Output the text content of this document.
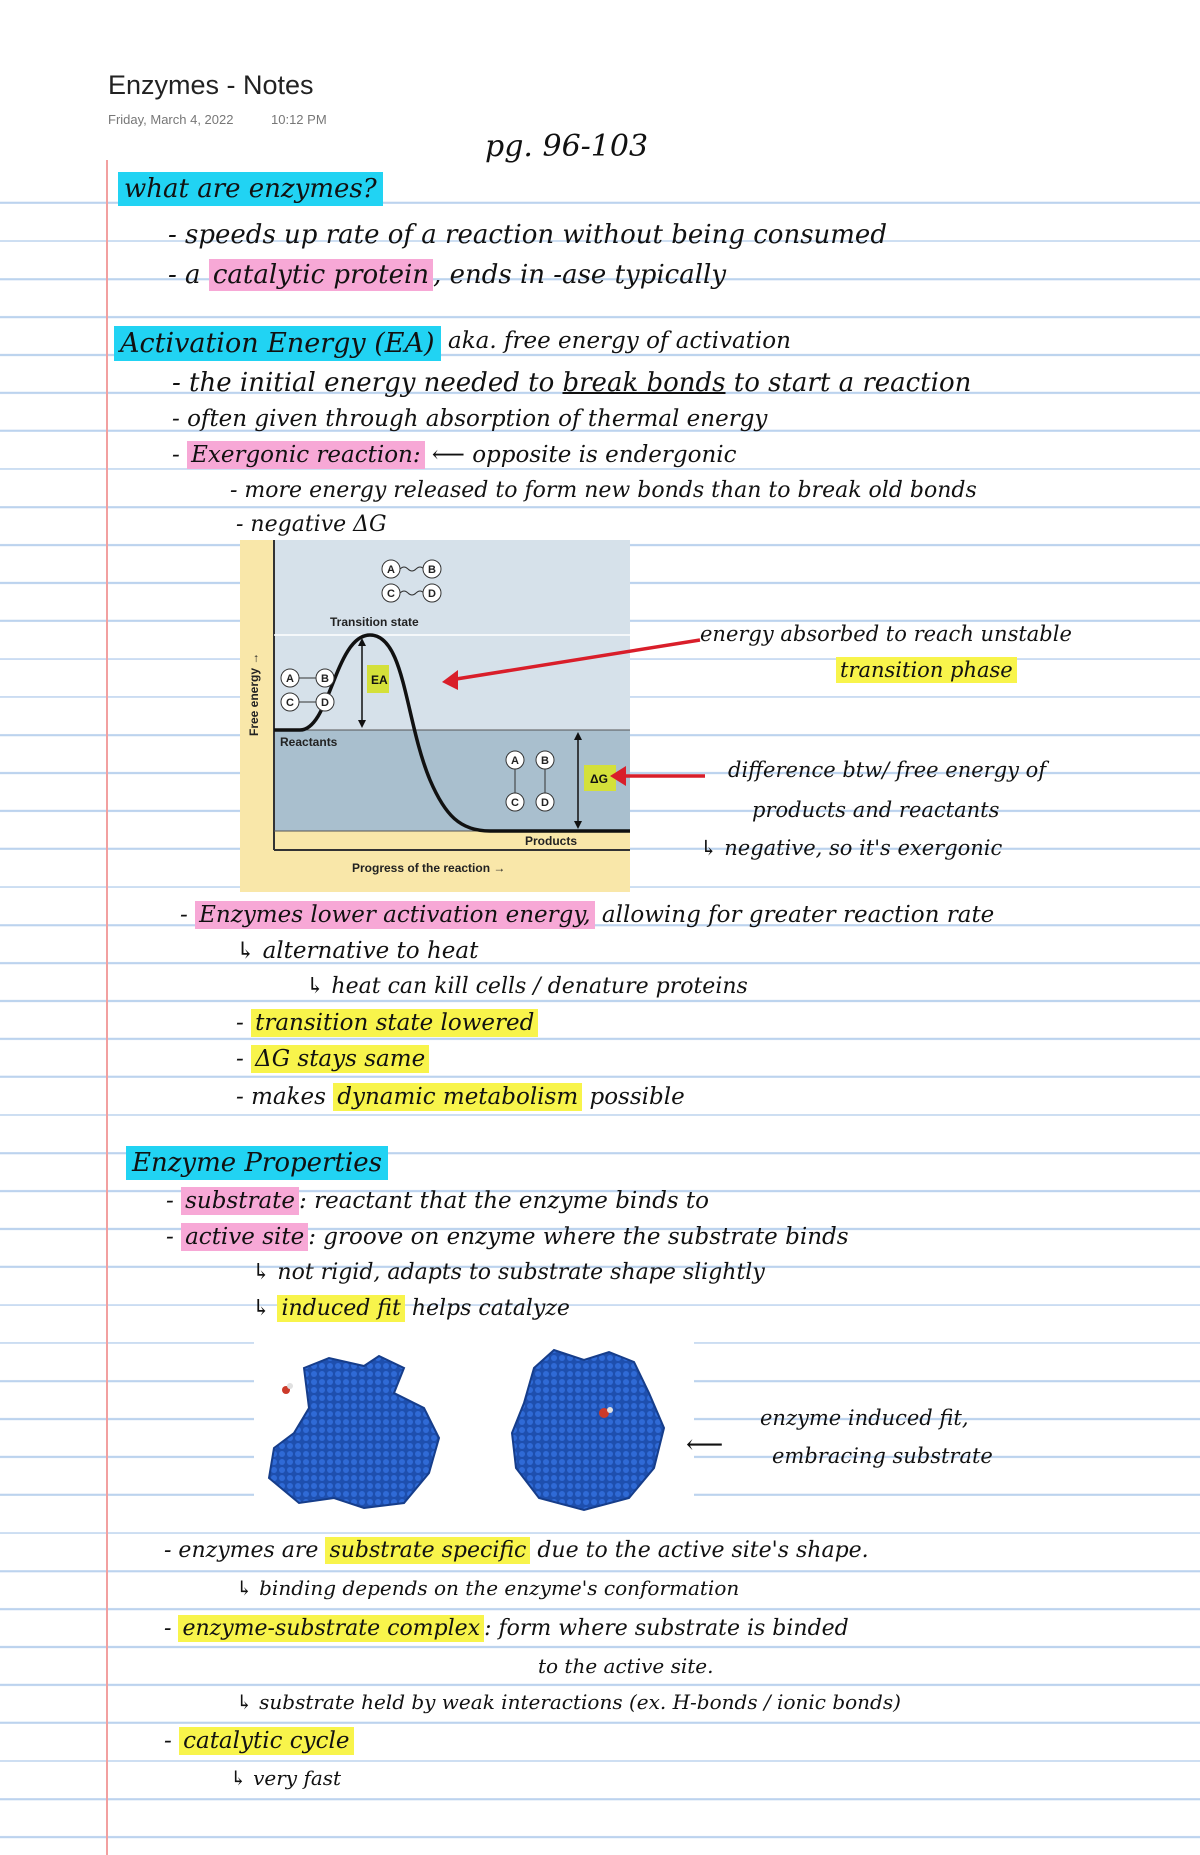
Enzymes - Notes
Friday, March 4, 2022	10:12 PM
pg. 96-103
what are enzymes?
- speeds up rate of a reaction without being consumed
- a catalytic protein , ends in -ase typically
Activation Energy (EA) aka. free energy of activation
- the initial energy needed to break bonds to start a reaction
- often given through absorption of thermal energy
- Exergonic reaction: ⟵ opposite is endergonic
- more energy released to form new bonds than to break old bonds
- negative ΔG
EA
ΔG
Transition state
Reactants
Products
Progress of the reaction →
Free energy →
A	B
C	D
A B
C D
A B
C D
energy absorbed to reach unstable
transition phase
difference btw/ free energy of
products and reactants
↳ negative, so it's exergonic
- Enzymes lower activation energy, allowing for greater reaction rate
↳ alternative to heat
↳ heat can kill cells / denature proteins
- transition state lowered
- ΔG stays same
- makes dynamic metabolism possible
Enzyme Properties
- substrate : reactant that the enzyme binds to
- active site : groove on enzyme where the substrate binds
↳ not rigid, adapts to substrate shape slightly
↳ induced fit helps catalyze
⟵
enzyme induced fit,
embracing substrate
- enzymes are substrate specific due to the active site's shape.
↳ binding depends on the enzyme's conformation
- enzyme-substrate complex : form where substrate is binded
to the active site.
↳ substrate held by weak interactions (ex. H-bonds / ionic bonds)
- catalytic cycle
↳ very fast
